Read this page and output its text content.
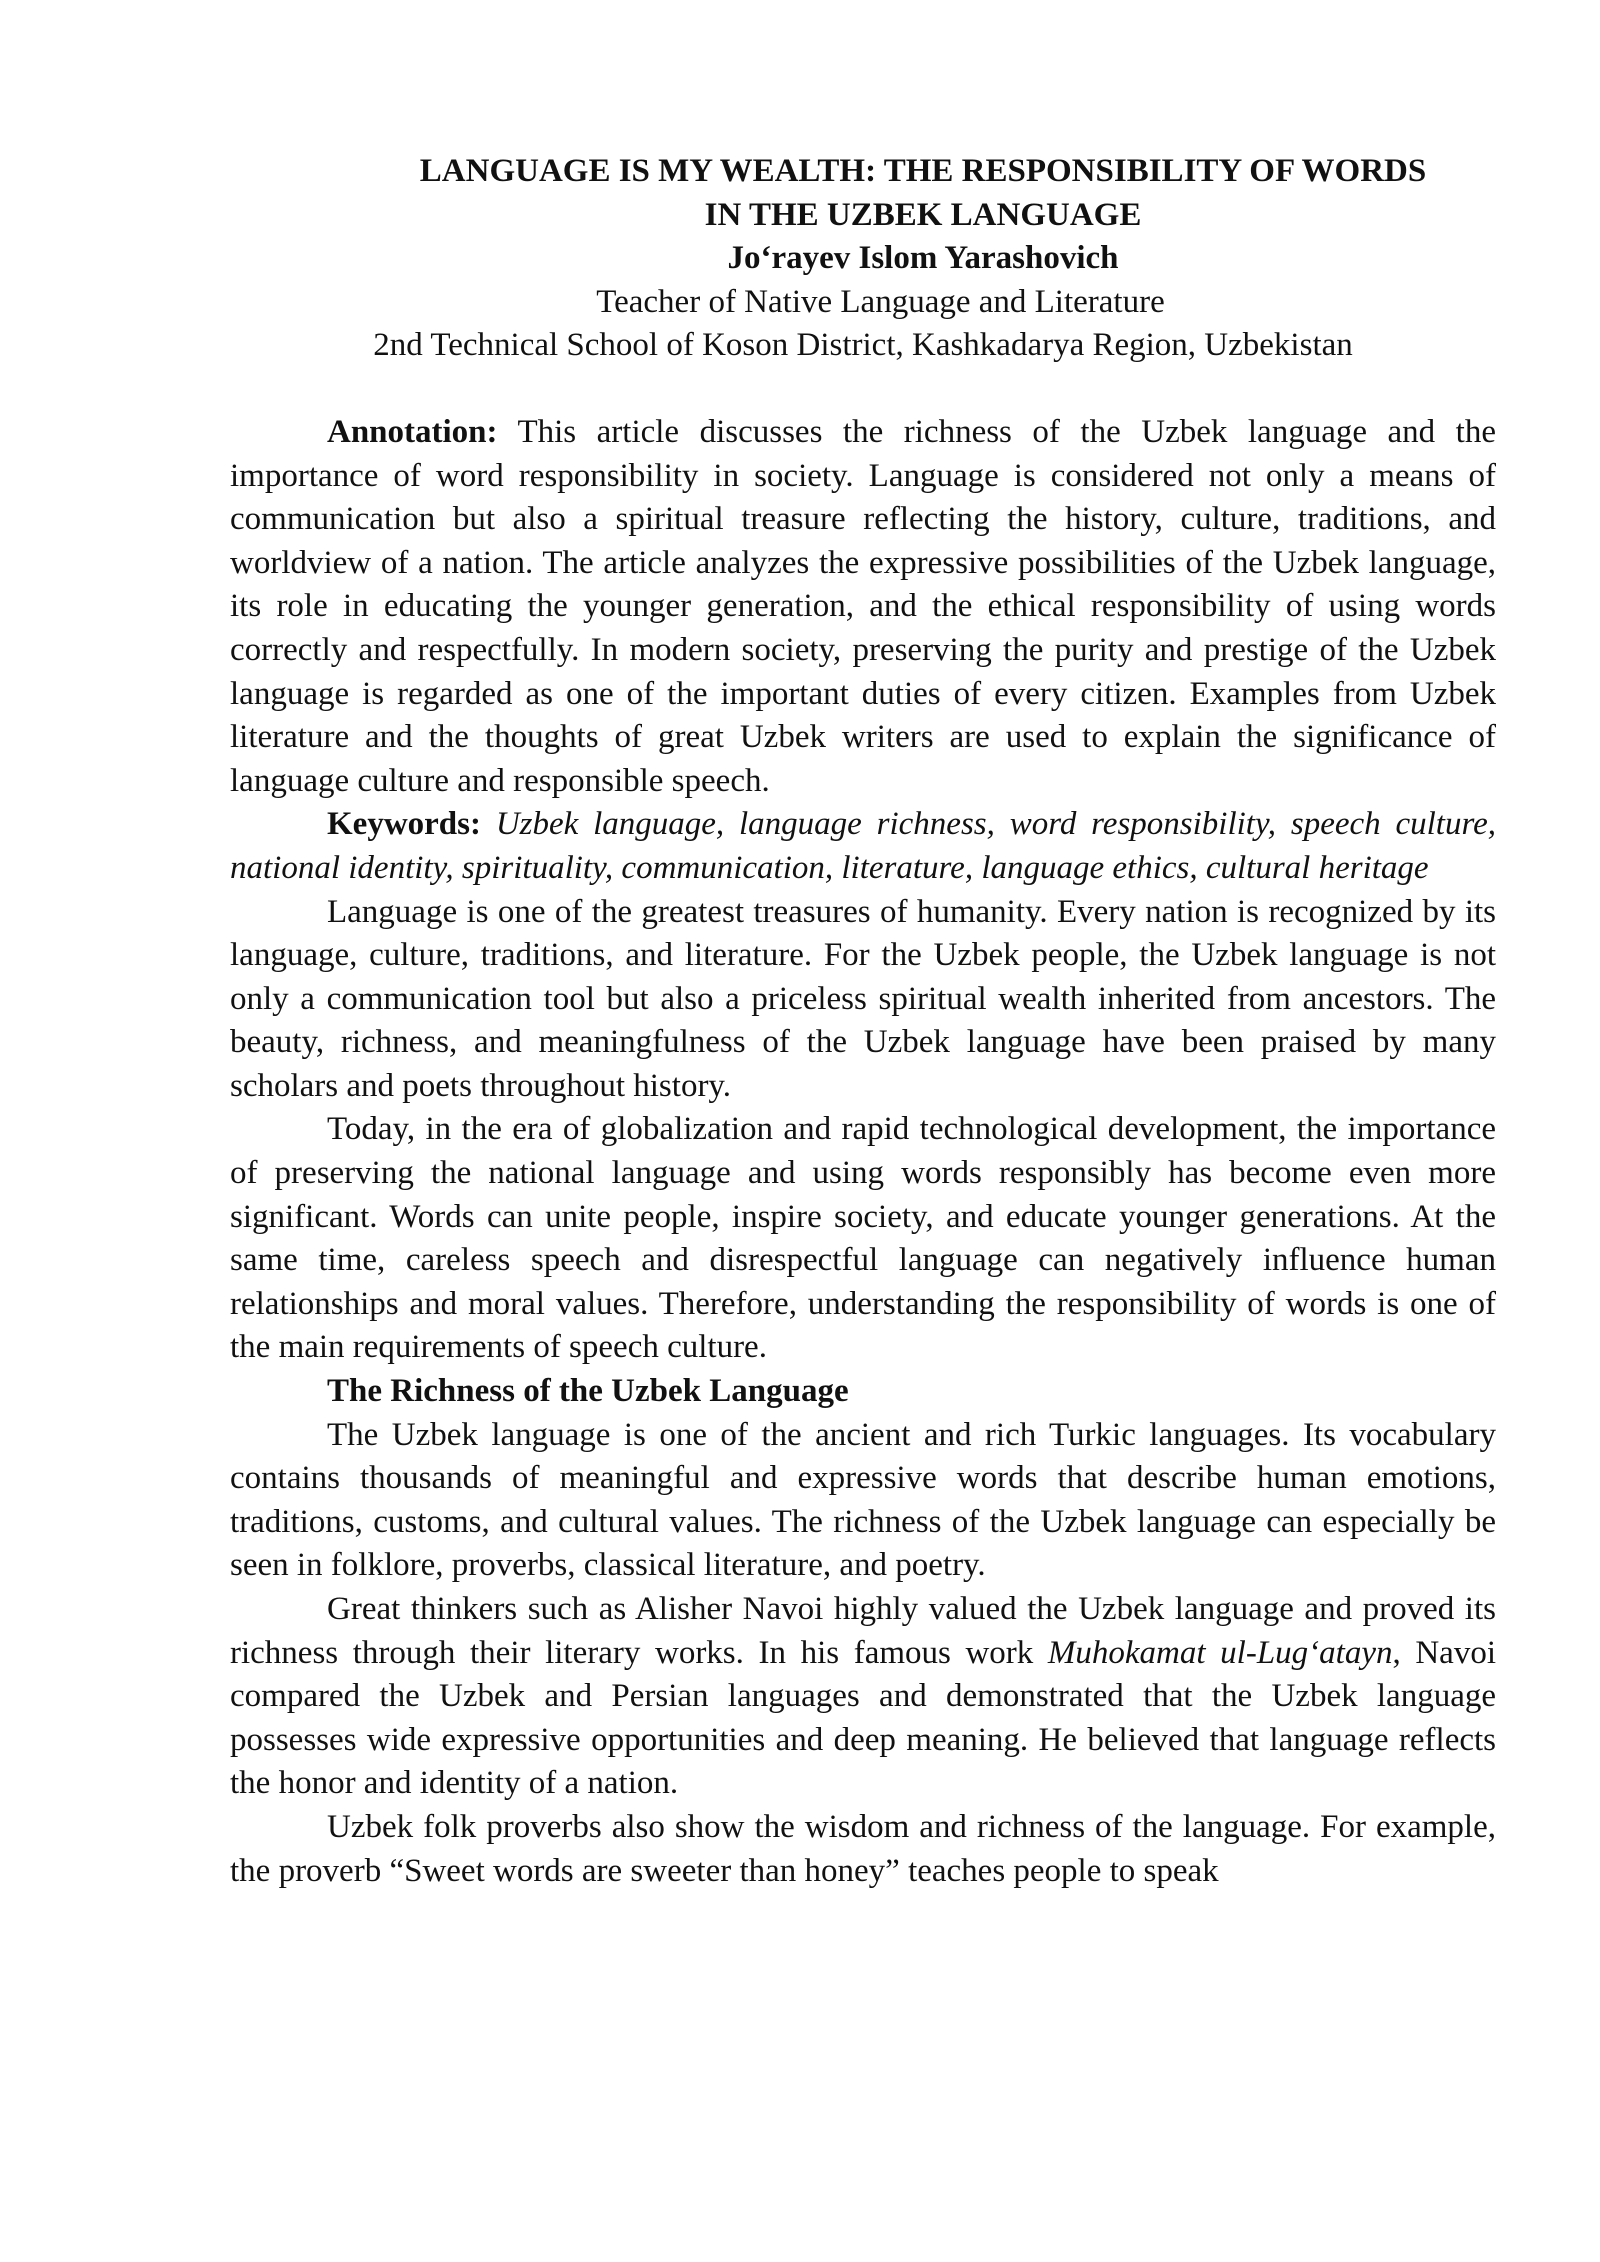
LANGUAGE IS MY WEALTH: THE RESPONSIBILITY OF WORDS
IN THE UZBEK LANGUAGE
Jo‘rayev Islom Yarashovich
Teacher of Native Language and Literature
2nd Technical School of Koson District, Kashkadarya Region, Uzbekistan

Annotation: This article discusses the richness of the Uzbek language and the importance of word responsibility in society. Language is considered not only a means of communication but also a spiritual treasure reflecting the history, culture, traditions, and worldview of a nation. The article analyzes the expressive possibilities of the Uzbek language, its role in educating the younger generation, and the ethical responsibility of using words correctly and respectfully. In modern society, preserving the purity and prestige of the Uzbek language is regarded as one of the important duties of every citizen. Examples from Uzbek literature and the thoughts of great Uzbek writers are used to explain the significance of language culture and responsible speech.

Keywords: Uzbek language, language richness, word responsibility, speech culture, national identity, spirituality, communication, literature, language ethics, cultural heritage

Language is one of the greatest treasures of humanity. Every nation is recognized by its language, culture, traditions, and literature. For the Uzbek people, the Uzbek language is not only a communication tool but also a priceless spiritual wealth inherited from ancestors. The beauty, richness, and meaningfulness of the Uzbek language have been praised by many scholars and poets throughout history.

Today, in the era of globalization and rapid technological development, the importance of preserving the national language and using words responsibly has become even more significant. Words can unite people, inspire society, and educate younger generations. At the same time, careless speech and disrespectful language can negatively influence human relationships and moral values. Therefore, understanding the responsibility of words is one of the main requirements of speech culture.

The Richness of the Uzbek Language

The Uzbek language is one of the ancient and rich Turkic languages. Its vocabulary contains thousands of meaningful and expressive words that describe human emotions, traditions, customs, and cultural values. The richness of the Uzbek language can especially be seen in folklore, proverbs, classical literature, and poetry.

Great thinkers such as Alisher Navoi highly valued the Uzbek language and proved its richness through their literary works. In his famous work Muhokamat ul-Lug‘atayn, Navoi compared the Uzbek and Persian languages and demonstrated that the Uzbek language possesses wide expressive opportunities and deep meaning. He believed that language reflects the honor and identity of a nation.

Uzbek folk proverbs also show the wisdom and richness of the language. For example, the proverb “Sweet words are sweeter than honey” teaches people to speak
